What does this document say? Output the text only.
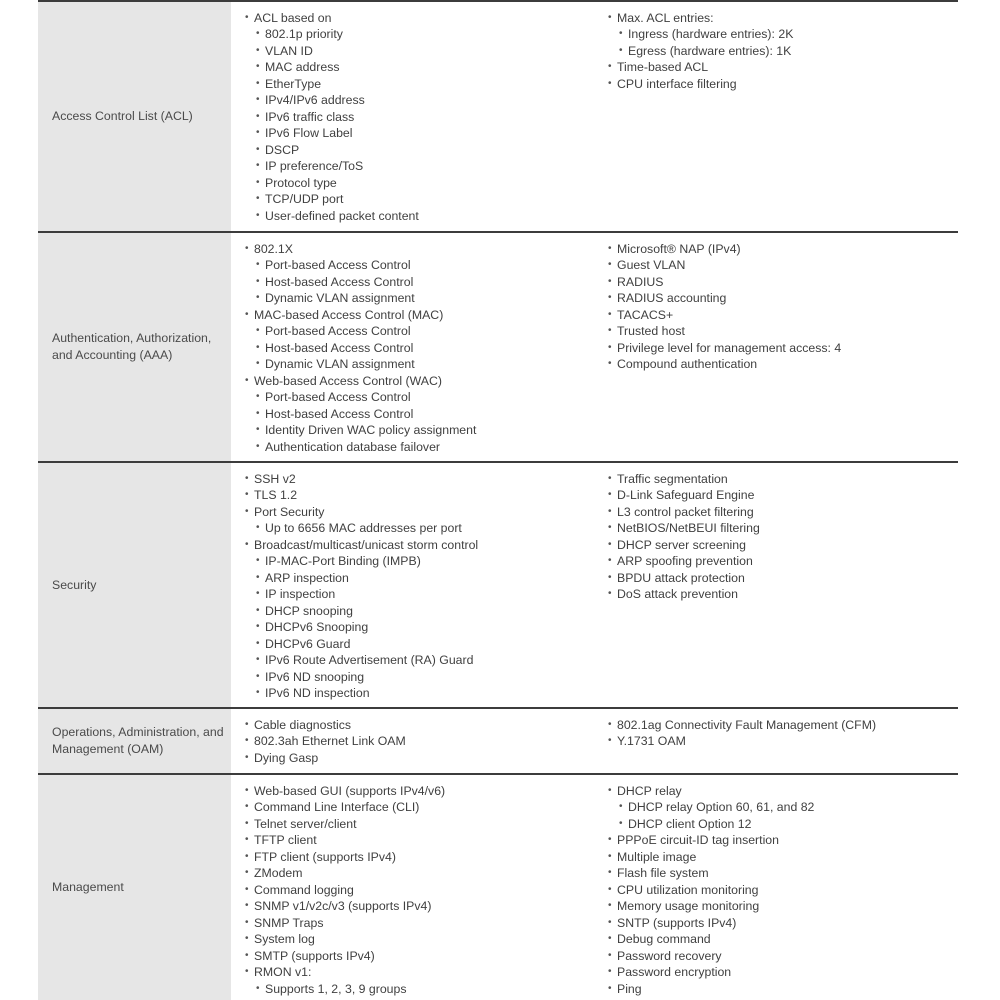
Access Control List (ACL)
• ACL based on
• 802.1p priority
• VLAN ID
• MAC address
• EtherType
• IPv4/IPv6 address
• IPv6 traffic class
• IPv6 Flow Label
• DSCP
• IP preference/ToS
• Protocol type
• TCP/UDP port
• User-defined packet content
• Max. ACL entries:
• Ingress (hardware entries): 2K
• Egress (hardware entries): 1K
• Time-based ACL
• CPU interface filtering
Authentication, Authorization, and Accounting (AAA)
• 802.1X
• Port-based Access Control
• Host-based Access Control
• Dynamic VLAN assignment
• MAC-based Access Control (MAC)
• Port-based Access Control
• Host-based Access Control
• Dynamic VLAN assignment
• Web-based Access Control (WAC)
• Port-based Access Control
• Host-based Access Control
• Identity Driven WAC policy assignment
• Authentication database failover
• Microsoft® NAP (IPv4)
• Guest VLAN
• RADIUS
• RADIUS accounting
• TACACS+
• Trusted host
• Privilege level for management access: 4
• Compound authentication
Security
• SSH v2
• TLS 1.2
• Port Security
• Up to 6656 MAC addresses per port
• Broadcast/multicast/unicast storm control
• IP-MAC-Port Binding (IMPB)
• ARP inspection
• IP inspection
• DHCP snooping
• DHCPv6 Snooping
• DHCPv6 Guard
• IPv6 Route Advertisement (RA) Guard
• IPv6 ND snooping
• IPv6 ND inspection
• Traffic segmentation
• D-Link Safeguard Engine
• L3 control packet filtering
• NetBIOS/NetBEUI filtering
• DHCP server screening
• ARP spoofing prevention
• BPDU attack protection
• DoS attack prevention
Operations, Administration, and Management (OAM)
• Cable diagnostics
• 802.3ah Ethernet Link OAM
• Dying Gasp
• 802.1ag Connectivity Fault Management (CFM)
• Y.1731 OAM
Management
• Web-based GUI (supports IPv4/v6)
• Command Line Interface (CLI)
• Telnet server/client
• TFTP client
• FTP client (supports IPv4)
• ZModem
• Command logging
• SNMP v1/v2c/v3 (supports IPv4)
• SNMP Traps
• System log
• SMTP (supports IPv4)
• RMON v1:
• Supports 1, 2, 3, 9 groups
• DHCP relay
• DHCP relay Option 60, 61, and 82
• DHCP client Option 12
• PPPoE circuit-ID tag insertion
• Multiple image
• Flash file system
• CPU utilization monitoring
• Memory usage monitoring
• SNTP (supports IPv4)
• Debug command
• Password recovery
• Password encryption
• Ping
